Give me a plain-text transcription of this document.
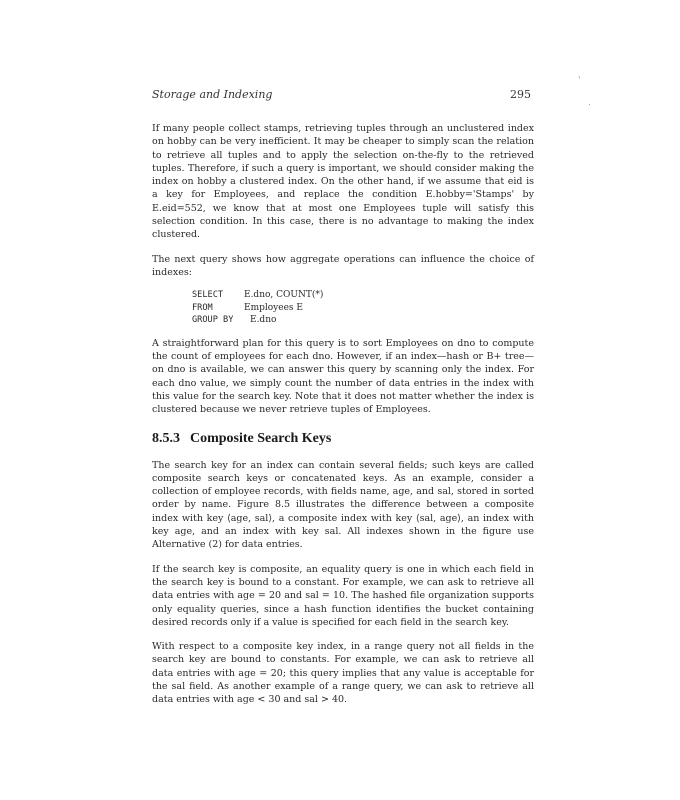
Storage and Indexing	295
'
.

If many people collect stamps, retrieving tuples through an unclustered index on hobby can be very inefficient. It may be cheaper to simply scan the relation to retrieve all tuples and to apply the selection on-the-fly to the retrieved tuples. Therefore, if such a query is important, we should consider making the index on hobby a clustered index. On the other hand, if we assume that eid is a key for Employees, and replace the condition E.hobby='Stamps' by E.eid=552, we know that at most one Employees tuple will satisfy this selection condition. In this case, there is no advantage to making the index clustered.

The next query shows how aggregate operations can influence the choice of indexes:

SELECT	E.dno, COUNT(*)
FROM	Employees E
GROUP BY	E.dno

A straightforward plan for this query is to sort Employees on dno to compute the count of employees for each dno. However, if an index—hash or B+ tree—on dno is available, we can answer this query by scanning only the index. For each dno value, we simply count the number of data entries in the index with this value for the search key. Note that it does not matter whether the index is clustered because we never retrieve tuples of Employees.

8.5.3 Composite Search Keys

The search key for an index can contain several fields; such keys are called composite search keys or concatenated keys. As an example, consider a collection of employee records, with fields name, age, and sal, stored in sorted order by name. Figure 8.5 illustrates the difference between a composite index with key ⟨age, sal⟩, a composite index with key ⟨sal, age⟩, an index with key age, and an index with key sal. All indexes shown in the figure use Alternative (2) for data entries.

If the search key is composite, an equality query is one in which each field in the search key is bound to a constant. For example, we can ask to retrieve all data entries with age = 20 and sal = 10. The hashed file organization supports only equality queries, since a hash function identifies the bucket containing desired records only if a value is specified for each field in the search key.

With respect to a composite key index, in a range query not all fields in the search key are bound to constants. For example, we can ask to retrieve all data entries with age = 20; this query implies that any value is acceptable for the sal field. As another example of a range query, we can ask to retrieve all data entries with age < 30 and sal > 40.
